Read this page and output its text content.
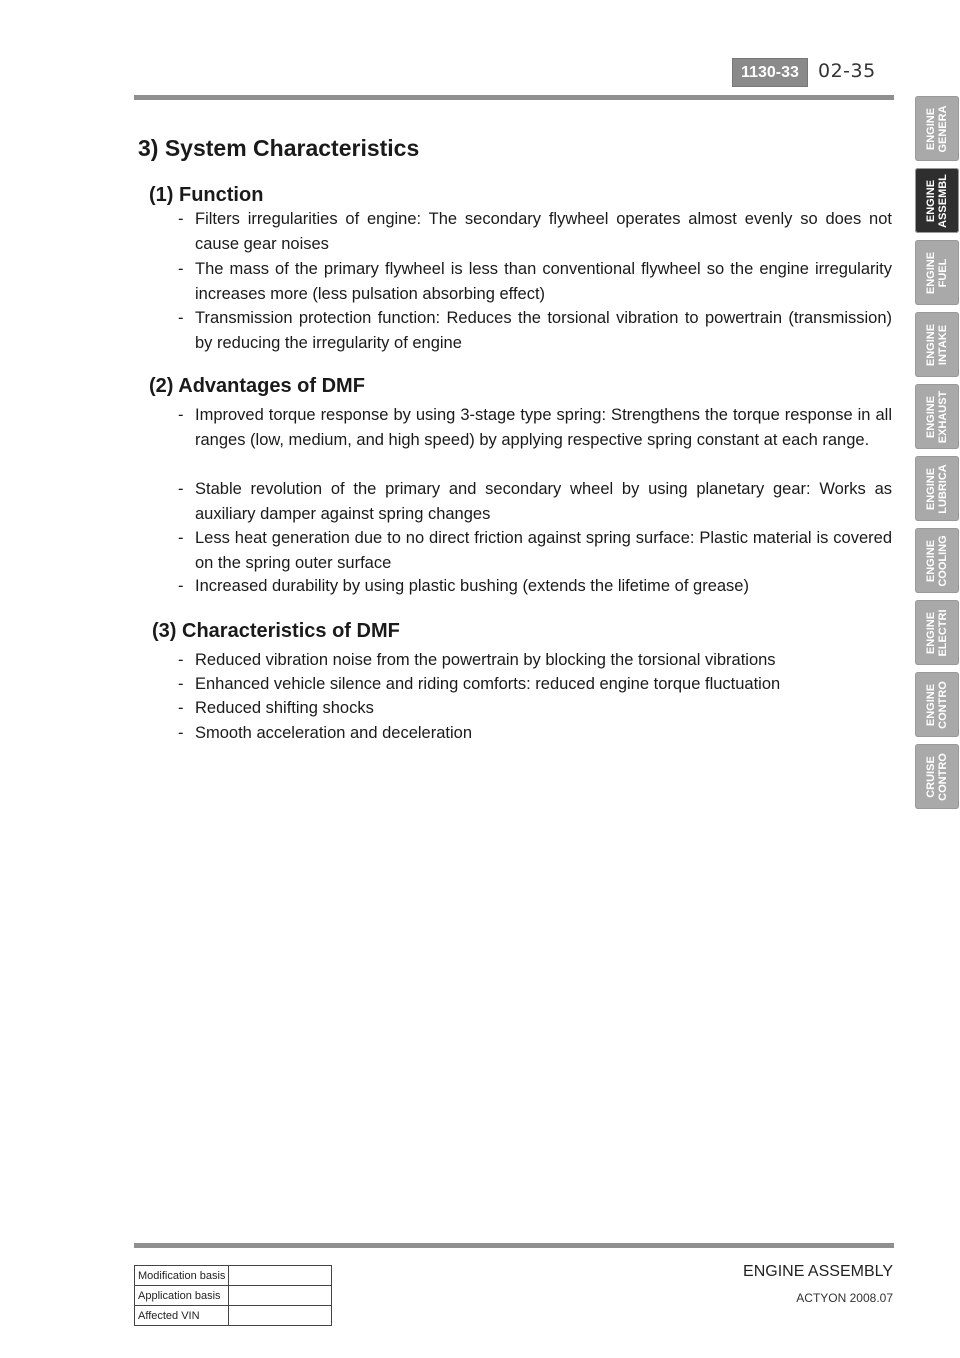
1130-33	02-35
3) System Characteristics
(1) Function
- Filters irregularities of engine: The secondary flywheel operates almost evenly so does not cause gear noises
- The mass of the primary flywheel is less than conventional flywheel so the engine irregularity increases more (less pulsation absorbing effect)
- Transmission protection function: Reduces the torsional vibration to powertrain (transmission) by reducing the irregularity of engine
(2) Advantages of DMF
- Improved torque response by using 3-stage type spring: Strengthens the torque response in all ranges (low, medium, and high speed) by applying respective spring constant at each range.
- Stable revolution of the primary and secondary wheel by using planetary gear: Works as auxiliary damper against spring changes
- Less heat generation due to no direct friction against spring surface: Plastic material is covered on the spring outer surface
- Increased durability by using plastic bushing (extends the lifetime of grease)
(3) Characteristics of DMF
- Reduced vibration noise from the powertrain by blocking the torsional vibrations
- Enhanced vehicle silence and riding comforts: reduced engine torque fluctuation
- Reduced shifting shocks
- Smooth acceleration and deceleration
ENGINE GENERA
ENGINE ASSEMBL
ENGINE FUEL
ENGINE INTAKE
ENGINE EXHAUST
ENGINE LUBRICA
ENGINE COOLING
ENGINE ELECTRI
ENGINE CONTRO
CRUISE CONTRO
Modification basis	
Application basis	
Affected VIN	
ENGINE ASSEMBLY
ACTYON 2008.07
